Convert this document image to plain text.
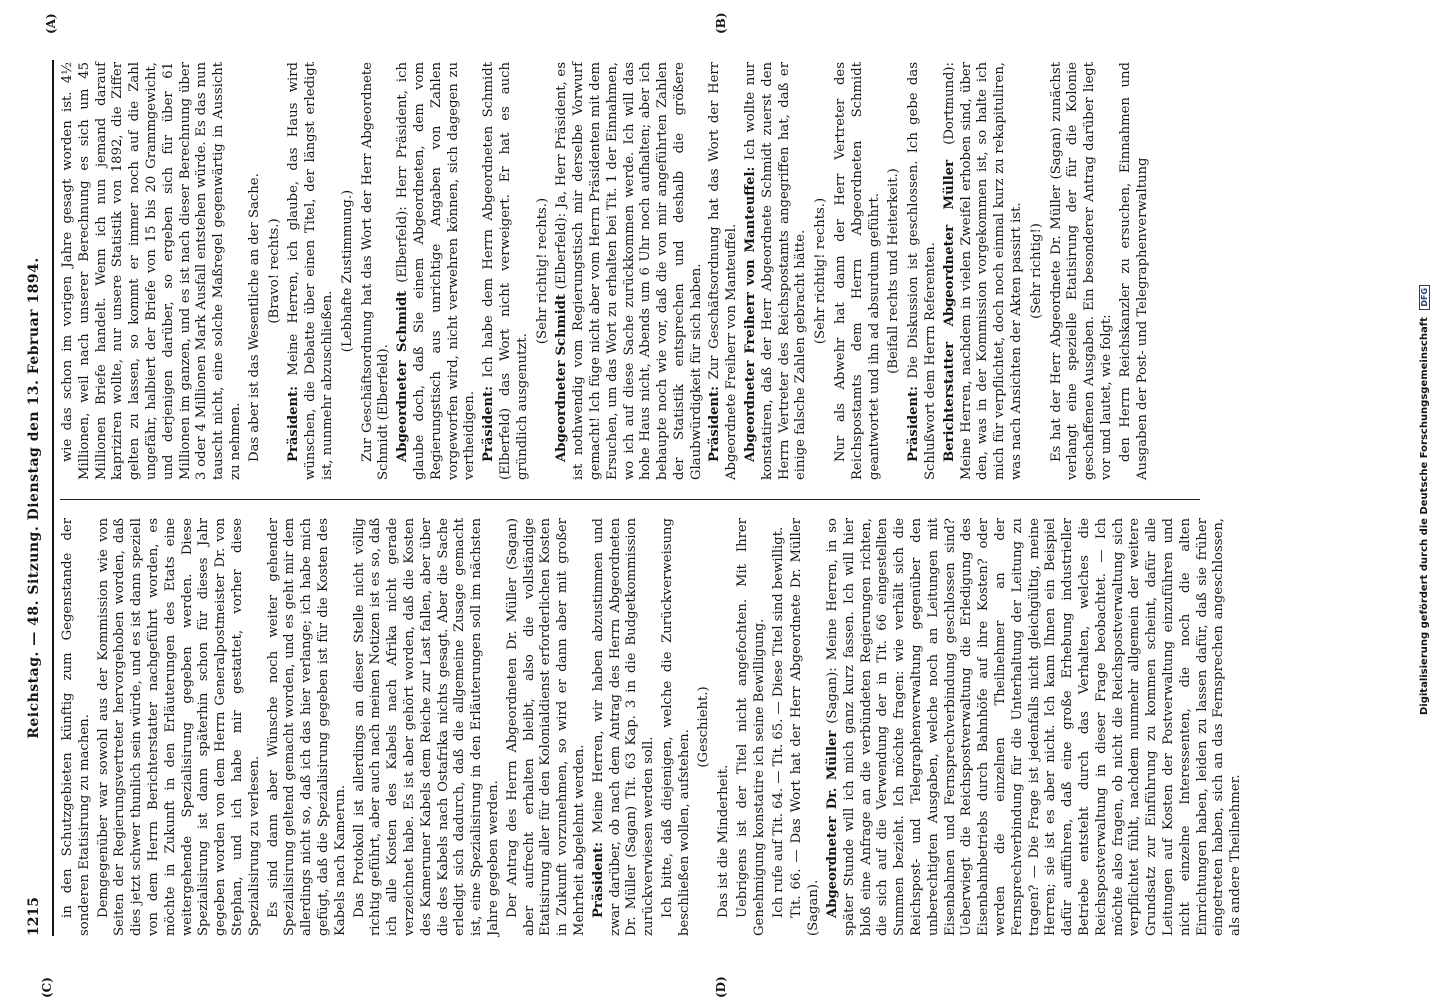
1215
Reichstag. — 48. Sitzung. Dienstag den 13. Februar 1894.
(C)
(A)
(D)
(B)

in den Schutzgebieten künftig zum Gegenstande der sonderen Etatisirung zu machen. Demgegenüber war sowohl aus der Kommission wie von Seiten der Regierungsvertreter hervorgehoben worden, daß dies jetzt schwer thunlich sein würde, und es ist dann speziell von dem Herrn Berichterstatter nachgeführt worden, es möchte in Zukunft in den Erläuterungen des Etats eine weitergehende Spezialisirung gegeben werden. Diese Spezialisirung ist dann späterhin schon für dieses Jahr gegeben worden von dem Herrn Generalpostmeister Dr. von Stephan, und ich habe mir gestattet, vorher diese Spezialisirung zu verlesen. Es sind dann aber Wünsche noch weiter gehender Spezialisirung geltend gemacht worden, und es geht mir dem allerdings nicht so, daß ich das hier verlange; ich habe mich gefügt, daß die Spezialisirung gegeben ist für die Kosten des Kabels nach Kamerun. Das Protokoll ist allerdings an dieser Stelle nicht völlig richtig geführt, aber auch nach meinen Notizen ist es so, daß ich alle Kosten des Kabels nach Afrika nicht gerade verzeichnet habe. Es ist aber gehört worden, daß die Kosten des Kameruner Kabels dem Reiche zur Last fallen, aber über die des Kabels nach Ostafrika nichts gesagt. Aber die Sache erledigt sich dadurch, daß die allgemeine Zusage gemacht ist, eine Spezialisirung in den Erläuterungen soll im nächsten Jahre gegeben werden. Der Antrag des Herrn Abgeordneten Dr. Müller (Sagan) aber aufrecht erhalten bleibt, also die vollständige Etatisirung aller für den Kolonialdienst erforderlichen Kosten in Zukunft vorzunehmen, so wird er dann aber mit großer Mehrheit abgelehnt werden. Präsident: Meine Herren, wir haben abzustimmen und zwar darüber, ob nach dem Antrag des Herrn Abgeordneten Dr. Müller (Sagan) Tit. 63 Kap. 3 in die Budgetkommission zurückverwiesen werden soll. Ich bitte, daß diejenigen, welche die Zurückverweisung beschließen wollen, aufstehen.

(Geschieht.)

Das ist die Minderheit. Uebrigens ist der Titel nicht angefochten. Mit Ihrer Genehmigung konstatire ich seine Bewilligung. Ich rufe auf Tit. 64. — Tit. 65. — Diese Titel sind bewilligt. Tit. 66. — Das Wort hat der Herr Abgeordnete Dr. Müller (Sagan). Abgeordneter Dr. Müller (Sagan): Meine Herren, in so später Stunde will ich mich ganz kurz fassen. Ich will hier bloß eine Anfrage an die verbündeten Regierungen richten, die sich auf die Verwendung der in Tit. 66 eingestellten Summen bezieht. Ich möchte fragen: wie verhält sich die Reichspost- und Telegraphenverwaltung gegenüber den unberechtigten Ausgaben, welche noch an Leitungen mit Eisenbahnen und Fernsprechverbindung geschlossen sind? Ueberwiegt die Reichspostverwaltung die Erledigung des Eisenbahnbetriebs durch Bahnhöfe auf ihre Kosten? oder werden die einzelnen Theilnehmer an der Fernsprechverbindung für die Unterhaltung der Leitung zu tragen? — Die Frage ist jedenfalls nicht gleichgültig, meine Herren; sie ist es aber nicht. Ich kann Ihnen ein Beispiel dafür aufführen, daß eine große Erhebung industrieller Betriebe entsteht durch das Verhalten, welches die Reichspostverwaltung in dieser Frage beobachtet. — Ich möchte also fragen, ob nicht die Reichspostverwaltung sich verpflichtet fühlt, nachdem nunmehr allgemein der weitere Grundsatz zur Einführung zu kommen scheint, dafür alle Leitungen auf Kosten der Postverwaltung einzuführen und nicht einzelne Interessenten, die noch die alten Einrichtungen haben, leiden zu lassen dafür, daß sie früher eingetreten haben, sich an das Fernsprechen angeschlossen, als andere Theilnehmer.

wie das schon im vorigen Jahre gesagt worden ist. 4½ Millionen, weil nach unserer Berechnung es sich um 45 Millionen Briefe handelt. Wenn ich nun jemand darauf kapriziren wollte, nur unsere Statistik von 1892, die Ziffer gelten zu lassen, so kommt er immer noch auf die Zahl ungefähr, halbiert der Briefe von 15 bis 20 Grammgewicht, und derjenigen darüber, so ergeben sich für über 61 Millionen im ganzen, und es ist nach dieser Berechnung über 3 oder 4 Millionen Mark Ausfall entstehen würde. Es das nun tauscht nicht, eine solche Maßregel gegenwärtig in Aussicht zu nehmen. Das aber ist das Wesentliche an der Sache. (Bravo! rechts.)

Präsident: Meine Herren, ich glaube, das Haus wird wünschen, die Debatte über einen Titel, der längst erledigt ist, nunmehr abzuschließen.

(Lebhafte Zustimmung.) Zur Geschäftsordnung hat das Wort der Herr Abgeordnete Schmidt (Elberfeld). Abgeordneter Schmidt (Elberfeld): Herr Präsident, ich glaube doch, daß Sie einem Abgeordneten, dem vom Regierungstisch aus unrichtige Angaben von Zahlen vorgeworfen wird, nicht verwehren können, sich dagegen zu vertheidigen. Präsident: Ich habe dem Herrn Abgeordneten Schmidt (Elberfeld) das Wort nicht verweigert. Er hat es auch gründlich ausgenutzt.

(Sehr richtig! rechts.)

Abgeordneter Schmidt (Elberfeld): Ja, Herr Präsident, es ist nothwendig vom Regierungstisch mir derselbe Vorwurf gemacht! Ich füge nicht aber vom Herrn Präsidenten mit dem Ersuchen, um das Wort zu erhalten bei Tit. 1 der Einnahmen, wo ich auf diese Sache zurückkommen werde. Ich will das hohe Haus nicht, Abends um 6 Uhr noch aufhalten; aber ich behaupte noch wie vor, daß die von mir angeführten Zahlen der Statistik entsprechen und deshalb die größere Glaubwürdigkeit für sich haben. Präsident: Zur Geschäftsordnung hat das Wort der Herr Abgeordnete Freiherr von Manteuffel. Abgeordneter Freiherr von Manteuffel: Ich wollte nur konstatiren, daß der Herr Abgeordnete Schmidt zuerst den Herrn Vertreter des Reichspostamts angegriffen hat, daß er einige falsche Zahlen gebracht hätte. (Sehr richtig! rechts.) Nur als Abwehr hat dann der Herr Vertreter des Reichspostamts dem Herrn Abgeordneten Schmidt geantwortet und ihn ad absurdum geführt. (Beifall rechts und Heiterkeit.)

Präsident: Die Diskussion ist geschlossen. Ich gebe das Schlußwort dem Herrn Referenten. Berichterstatter Abgeordneter Müller (Dortmund): Meine Herren, nachdem in vielen Zweifel erhoben sind, über den, was in der Kommission vorgekommen ist, so halte ich mich für verpflichtet, doch noch einmal kurz zu rekapituliren, was nach Ansichten der Akten passirt ist. (Sehr richtig!) Es hat der Herr Abgeordnete Dr. Müller (Sagan) zunächst verlangt eine spezielle Etatisirung der für die Kolonie geschaffenen Ausgaben. Ein besonderer Antrag darüber liegt vor und lautet, wie folgt: den Herrn Reichskanzler zu ersuchen, Einnahmen und Ausgaben der Post- und Telegraphenverwaltung	Digitalisierung gefördert durch die Deutsche Forschungsgemeinschaft DFG
